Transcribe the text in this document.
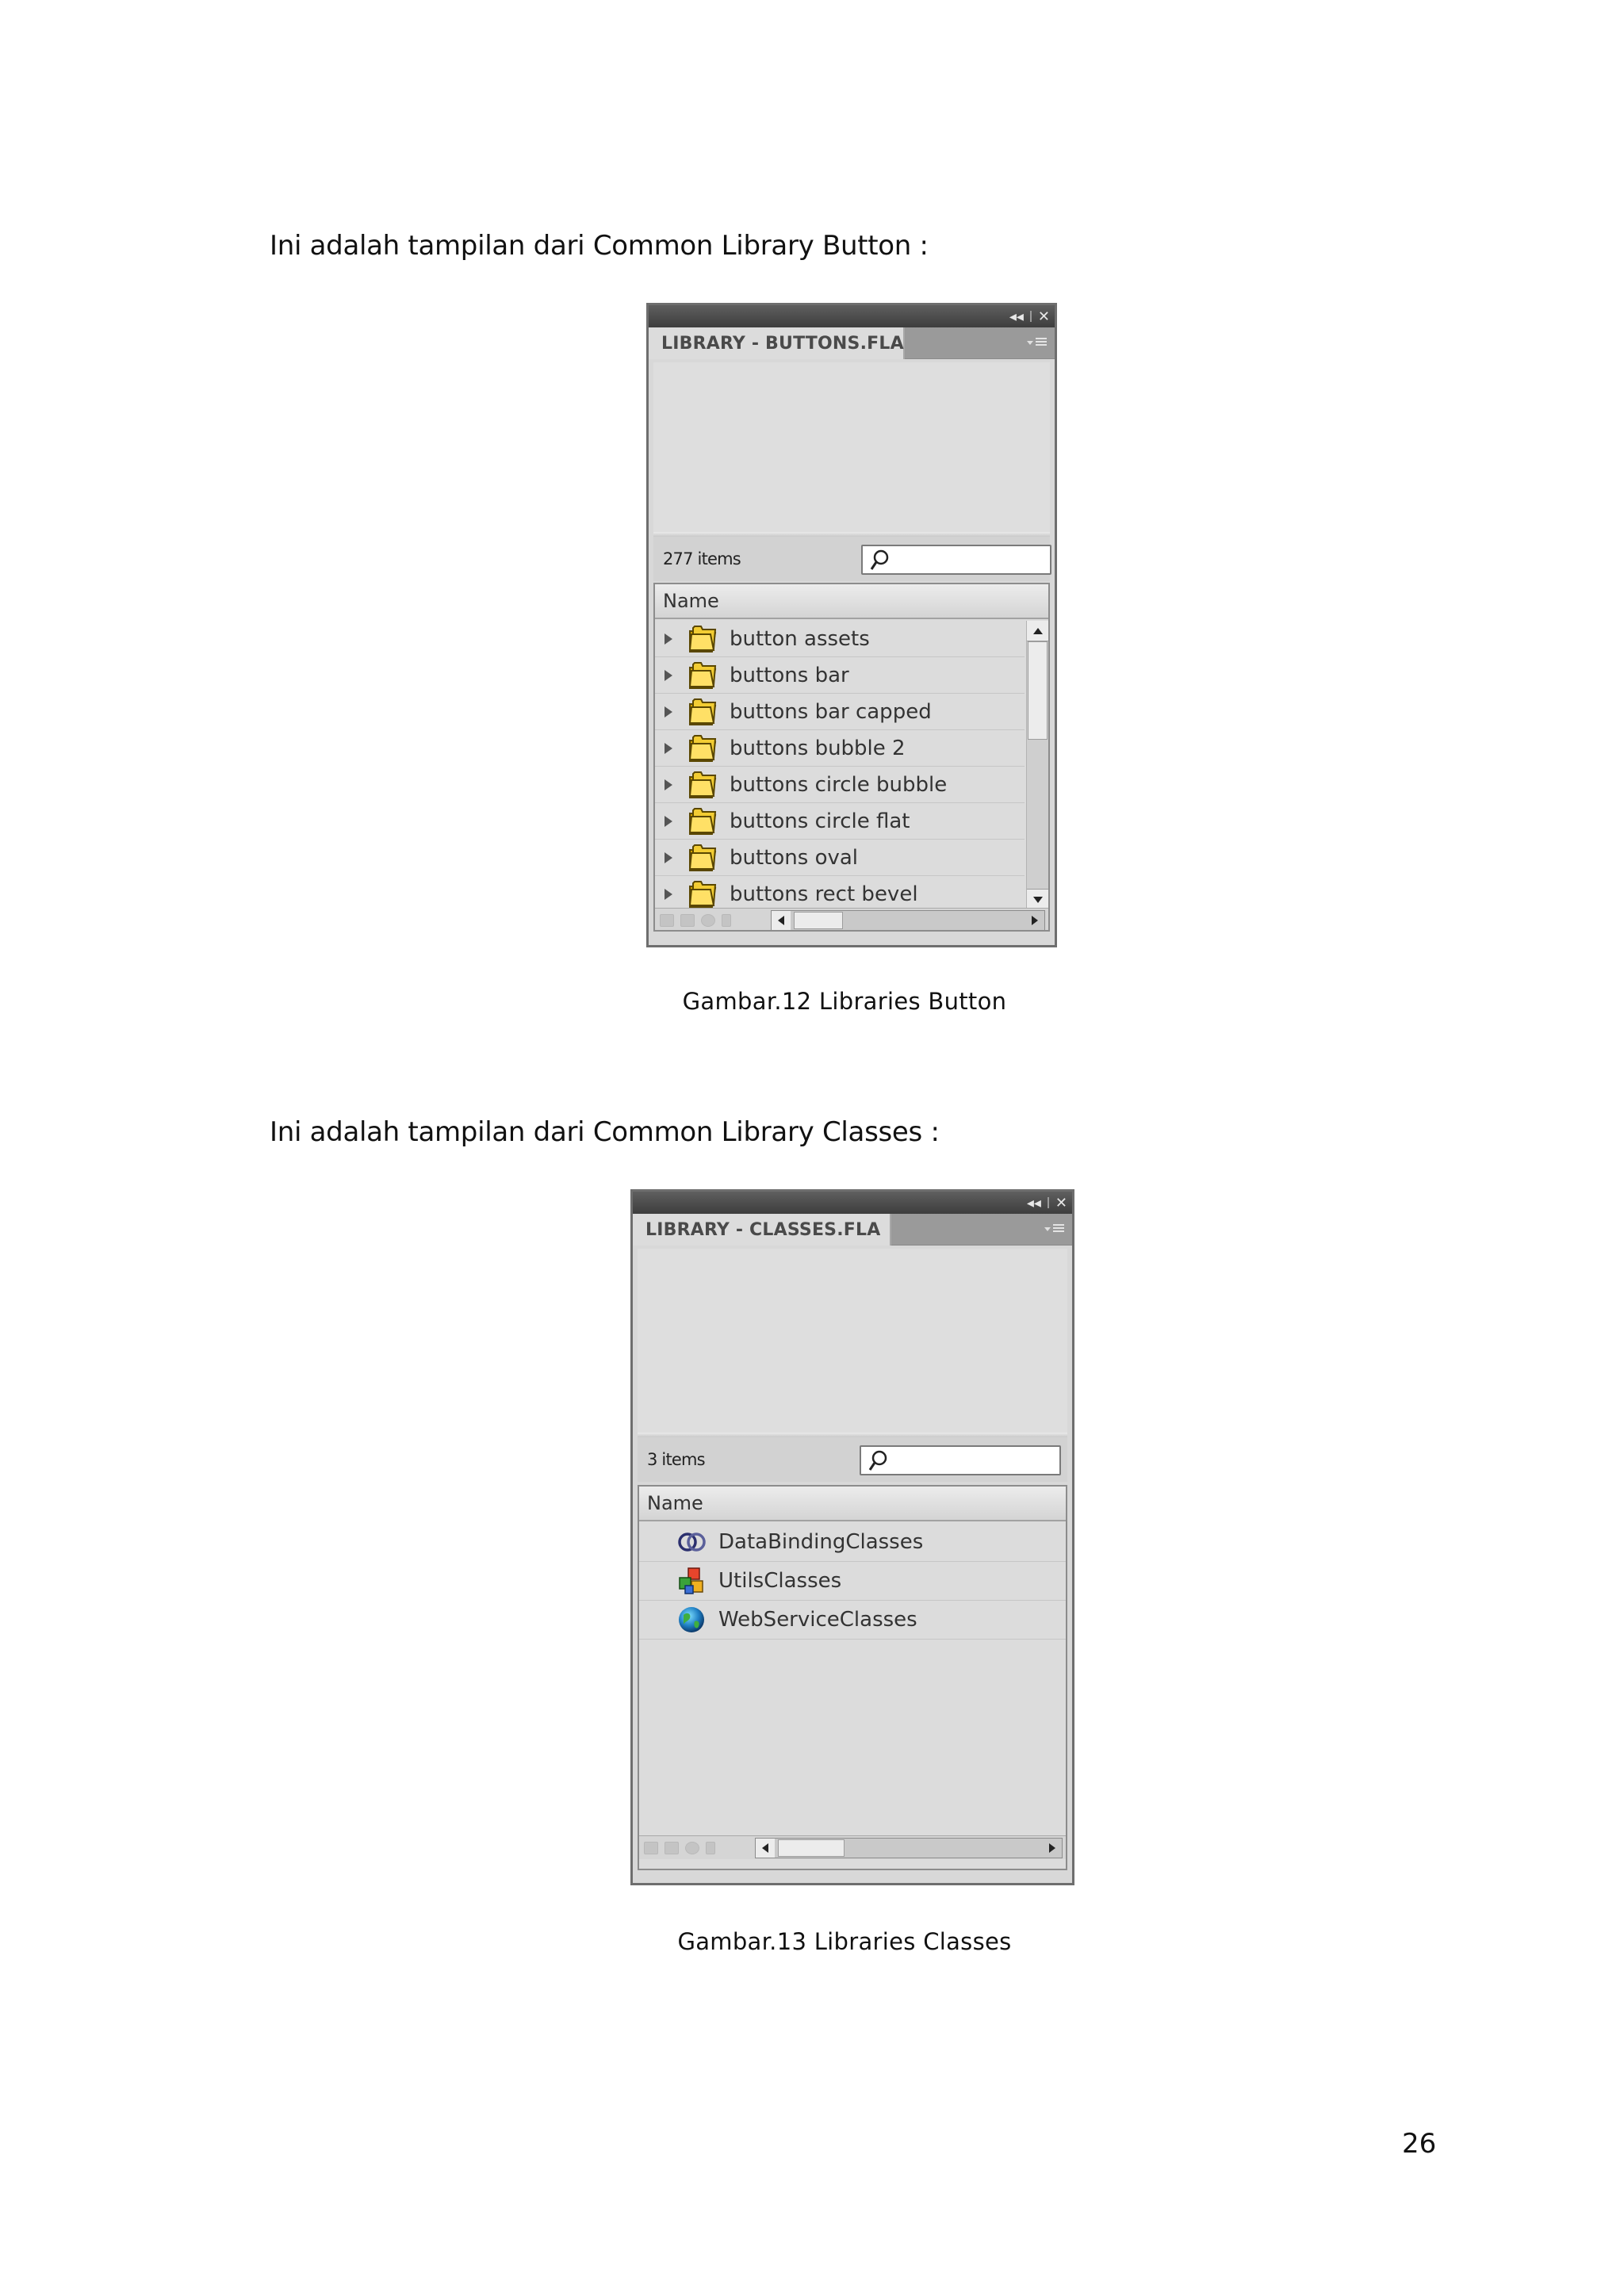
Ini adalah tampilan dari Common Library Button :
◂◂ ✕
LIBRARY - BUTTONS.FLA
277 items
Name
button assets
buttons bar
buttons bar capped
buttons bubble 2
buttons circle bubble
buttons circle flat
buttons oval
buttons rect bevel
Gambar.12 Libraries Button
Ini adalah tampilan dari Common Library Classes :
◂◂ ✕
LIBRARY - CLASSES.FLA
3 items
Name
DataBindingClasses
UtilsClasses
WebServiceClasses
Gambar.13 Libraries Classes
26
